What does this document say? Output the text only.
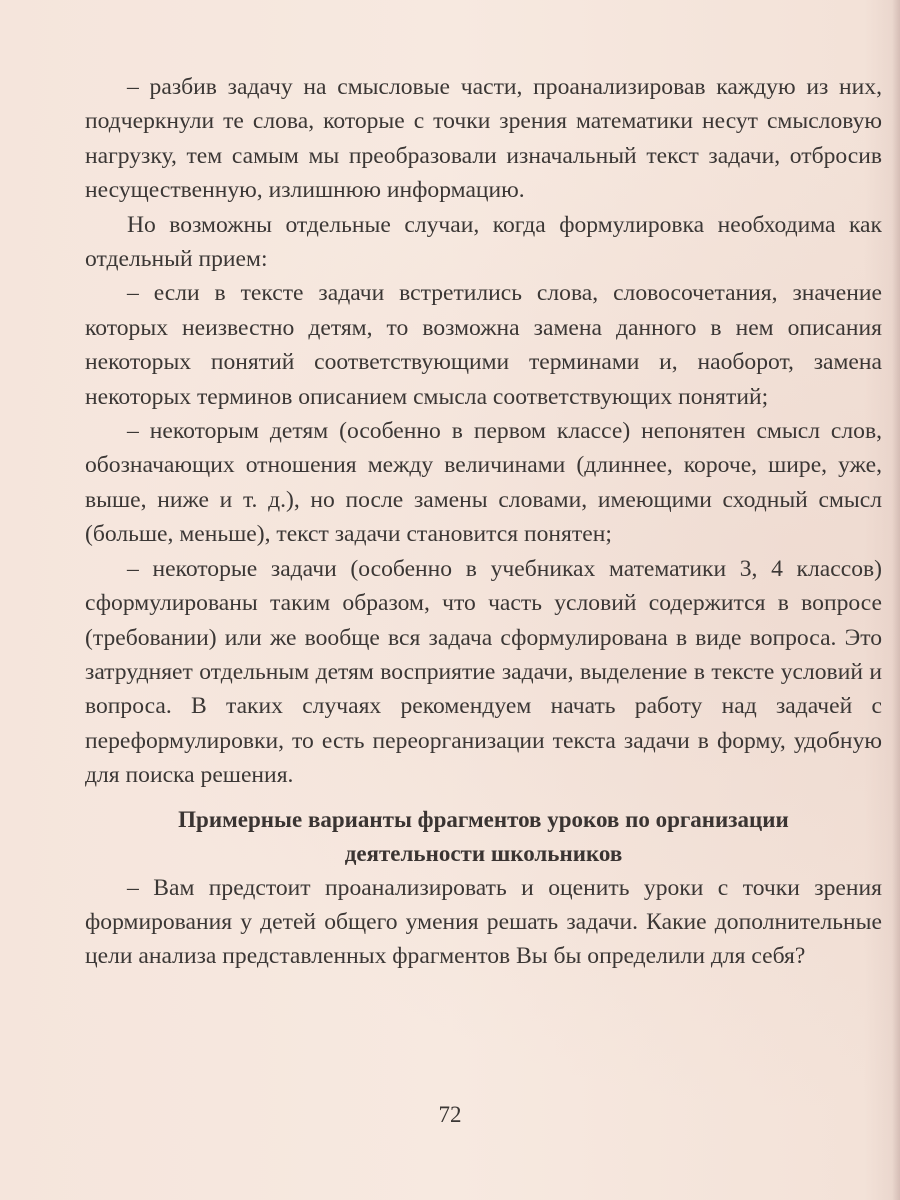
– разбив задачу на смысловые части, проанализировав каждую из них, подчеркнули те слова, которые с точки зрения математики несут смысловую нагрузку, тем самым мы преобразовали изначальный текст задачи, отбросив несущественную, излишнюю информацию.

Но возможны отдельные случаи, когда формулировка необходима как отдельный прием:

– если в тексте задачи встретились слова, словосочетания, значение которых неизвестно детям, то возможна замена данного в нем описания некоторых понятий соответствующими терминами и, наоборот, замена некоторых терминов описанием смысла соответствующих понятий;

– некоторым детям (особенно в первом классе) непонятен смысл слов, обозначающих отношения между величинами (длиннее, короче, шире, уже, выше, ниже и т. д.), но после замены словами, имеющими сходный смысл (больше, меньше), текст задачи становится понятен;

– некоторые задачи (особенно в учебниках математики 3, 4 классов) сформулированы таким образом, что часть условий содержится в вопросе (требовании) или же вообще вся задача сформулирована в виде вопроса. Это затрудняет отдельным детям восприятие задачи, выделение в тексте условий и вопроса. В таких случаях рекомендуем начать работу над задачей с переформулировки, то есть переорганизации текста задачи в форму, удобную для поиска решения.

Примерные варианты фрагментов уроков по организации
деятельности школьников

– Вам предстоит проанализировать и оценить уроки с точки зрения формирования у детей общего умения решать задачи. Какие дополнительные цели анализа представленных фрагментов Вы бы определили для себя?

72
